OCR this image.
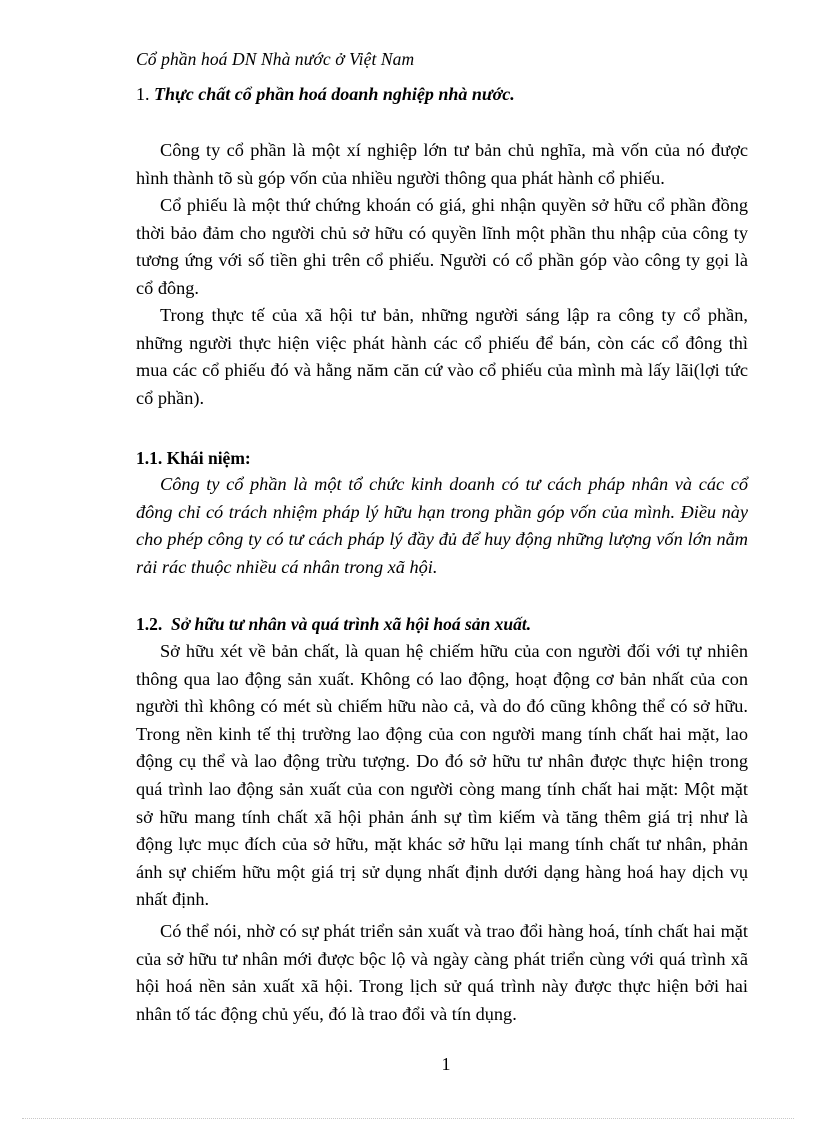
Cổ phần hoá DN Nhà nước ở Việt Nam
1. Thực chất cổ phần hoá doanh nghiệp nhà nước.

Công ty cổ phần là một xí nghiệp lớn tư bản chủ nghĩa, mà vốn của nó được hình thành tõ sù góp vốn của nhiều người thông qua phát hành cổ phiếu.

Cổ phiếu là một thứ chứng khoán có giá, ghi nhận quyền sở hữu cổ phần đồng thời bảo đảm cho người chủ sở hữu có quyền lĩnh một phần thu nhập của công ty tương ứng với số tiền ghi trên cổ phiếu. Người có cổ phần góp vào công ty gọi là cổ đông.

Trong thực tế của xã hội tư bản, những người sáng lập ra công ty cổ phần, những người thực hiện việc phát hành các cổ phiếu để bán, còn các cổ đông thì mua các cổ phiếu đó và hằng năm căn cứ vào cổ phiếu của mình mà lấy lãi(lợi tức cổ phần).

1.1. Khái niệm:

Công ty cổ phần là một tổ chức kinh doanh có tư cách pháp nhân và các cổ đông chỉ có trách nhiệm pháp lý hữu hạn trong phần góp vốn của mình. Điều này cho phép công ty có tư cách pháp lý đầy đủ để huy động những lượng vốn lớn nằm rải rác thuộc nhiều cá nhân trong xã hội.

1.2. Sở hữu tư nhân và quá trình xã hội hoá sản xuất.

Sở hữu xét về bản chất, là quan hệ chiếm hữu của con người đối với tự nhiên thông qua lao động sản xuất. Không có lao động, hoạt động cơ bản nhất của con người thì không có mét sù chiếm hữu nào cả, và do đó cũng không thể có sở hữu. Trong nền kinh tế thị trường lao động của con người mang tính chất hai mặt, lao động cụ thể và lao động trừu tượng. Do đó sở hữu tư nhân được thực hiện trong quá trình lao động sản xuất của con người còng mang tính chất hai mặt: Một mặt sở hữu mang tính chất xã hội phản ánh sự tìm kiếm và tăng thêm giá trị như là động lực mục đích của sở hữu, mặt khác sở hữu lại mang tính chất tư nhân, phản ánh sự chiếm hữu một giá trị sử dụng nhất định dưới dạng hàng hoá hay dịch vụ nhất định.

Có thể nói, nhờ có sự phát triển sản xuất và trao đổi hàng hoá, tính chất hai mặt của sở hữu tư nhân mới được bộc lộ và ngày càng phát triển cùng với quá trình xã hội hoá nền sản xuất xã hội. Trong lịch sử quá trình này được thực hiện bởi hai nhân tố tác động chủ yếu, đó là trao đổi và tín dụng.

1
